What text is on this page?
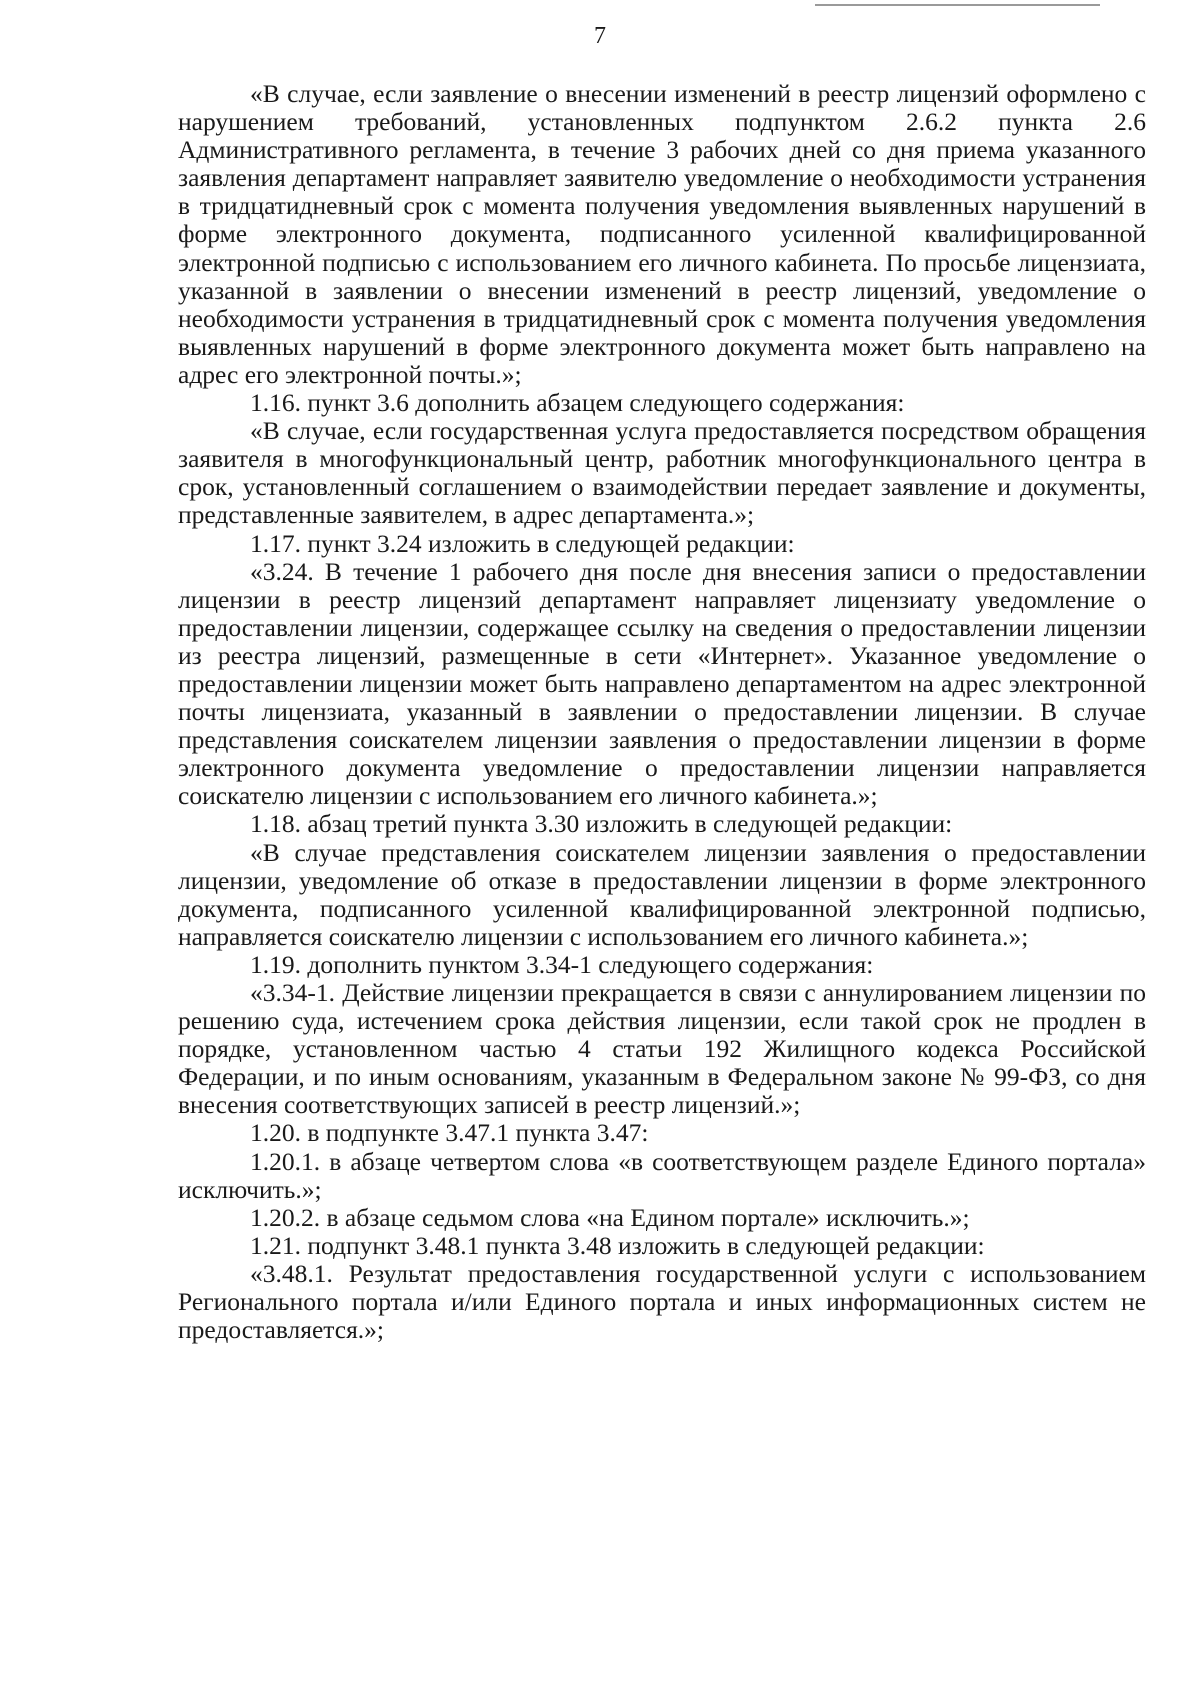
7

«В случае, если заявление о внесении изменений в реестр лицензий оформлено с нарушением требований, установленных подпунктом 2.6.2 пункта 2.6 Административного регламента, в течение 3 рабочих дней со дня приема указанного заявления департамент направляет заявителю уведомление о необходимости устранения в тридцатидневный срок с момента получения уведомления выявленных нарушений в форме электронного документа, подписанного усиленной квалифицированной электронной подписью с использованием его личного кабинета. По просьбе лицензиата, указанной в заявлении о внесении изменений в реестр лицензий, уведомление о необходимости устранения в тридцатидневный срок с момента получения уведомления выявленных нарушений в форме электронного документа может быть направлено на адрес его электронной почты.»;

1.16. пункт 3.6 дополнить абзацем следующего содержания:

«В случае, если государственная услуга предоставляется посредством обращения заявителя в многофункциональный центр, работник многофункционального центра в срок, установленный соглашением о взаимодействии передает заявление и документы, представленные заявителем, в адрес департамента.»;

1.17. пункт 3.24 изложить в следующей редакции:

«3.24. В течение 1 рабочего дня после дня внесения записи о предоставлении лицензии в реестр лицензий департамент направляет лицензиату уведомление о предоставлении лицензии, содержащее ссылку на сведения о предоставлении лицензии из реестра лицензий, размещенные в сети «Интернет». Указанное уведомление о предоставлении лицензии может быть направлено департаментом на адрес электронной почты лицензиата, указанный в заявлении о предоставлении лицензии. В случае представления соискателем лицензии заявления о предоставлении лицензии в форме электронного документа уведомление о предоставлении лицензии направляется соискателю лицензии с использованием его личного кабинета.»;

1.18. абзац третий пункта 3.30 изложить в следующей редакции:

«В случае представления соискателем лицензии заявления о предоставлении лицензии, уведомление об отказе в предоставлении лицензии в форме электронного документа, подписанного усиленной квалифицированной электронной подписью, направляется соискателю лицензии с использованием его личного кабинета.»;

1.19. дополнить пунктом 3.34-1 следующего содержания:

«3.34-1. Действие лицензии прекращается в связи с аннулированием лицензии по решению суда, истечением срока действия лицензии, если такой срок не продлен в порядке, установленном частью 4 статьи 192 Жилищного кодекса Российской Федерации, и по иным основаниям, указанным в Федеральном законе № 99-ФЗ, со дня внесения соответствующих записей в реестр лицензий.»;

1.20. в подпункте 3.47.1 пункта 3.47:

1.20.1. в абзаце четвертом слова «в соответствующем разделе Единого портала» исключить.»;

1.20.2. в абзаце седьмом слова «на Едином портале» исключить.»;

1.21. подпункт 3.48.1 пункта 3.48 изложить в следующей редакции:

«3.48.1. Результат предоставления государственной услуги с использованием Регионального портала и/или Единого портала и иных информационных систем не предоставляется.»;
